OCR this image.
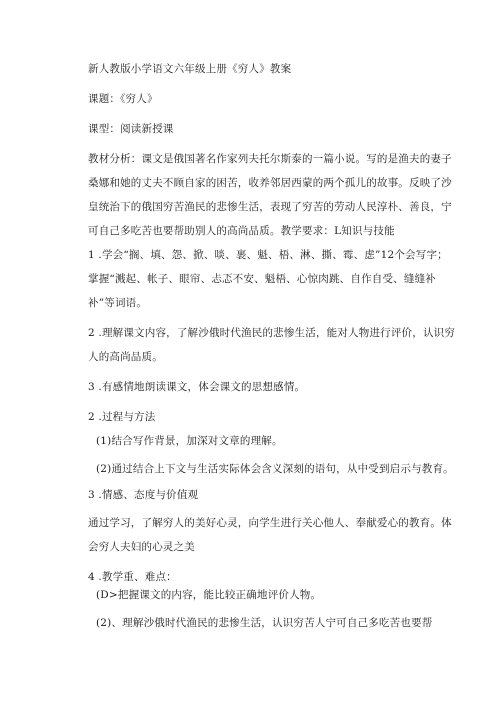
新人教版小学语文六年级上册《穷人》教案
课题：《穷人》
课型：阅读新授课
教材分析：课文是俄国著名作家列夫托尔斯泰的一篇小说。写的是渔夫的妻子
桑娜和她的丈夫不顾自家的困苦，收养邻居西蒙的两个孤儿的故事。反映了沙
皇统治下的俄国穷苦渔民的悲惨生活，表现了穷苦的劳动人民淳朴、善良，宁
可自己多吃苦也要帮助别人的高尚品质。教学要求：L知识与技能
1 .学会“搁、填、怨、掀、啖、裹、魁、梧、淋、撕、霉、虑”12个会写字；
掌握“溅起、帐子、眼帘、忐忑不安、魁梧、心惊肉跳、自作自受、缝缝补
补”等词语。
2 .理解课文内容，了解沙俄时代渔民的悲惨生活，能对人物进行评价，认识穷
人的高尚品质。
3 .有感情地朗读课文，体会课文的思想感情。
2 .过程与方法
(1)结合写作背景，加深对文章的理解。
(2)通过结合上下文与生活实际体会含义深刻的语句，从中受到启示与教育。
3 .情感、态度与价值观
通过学习，了解穷人的美好心灵，向学生进行关心他人、奉献爱心的教育。体
会穷人夫妇的心灵之美
4 .教学重、难点：
(D>把握课文的内容，能比较正确地评价人物。
(2)、理解沙俄时代渔民的悲惨生活，认识穷苦人宁可自己多吃苦也要帮
